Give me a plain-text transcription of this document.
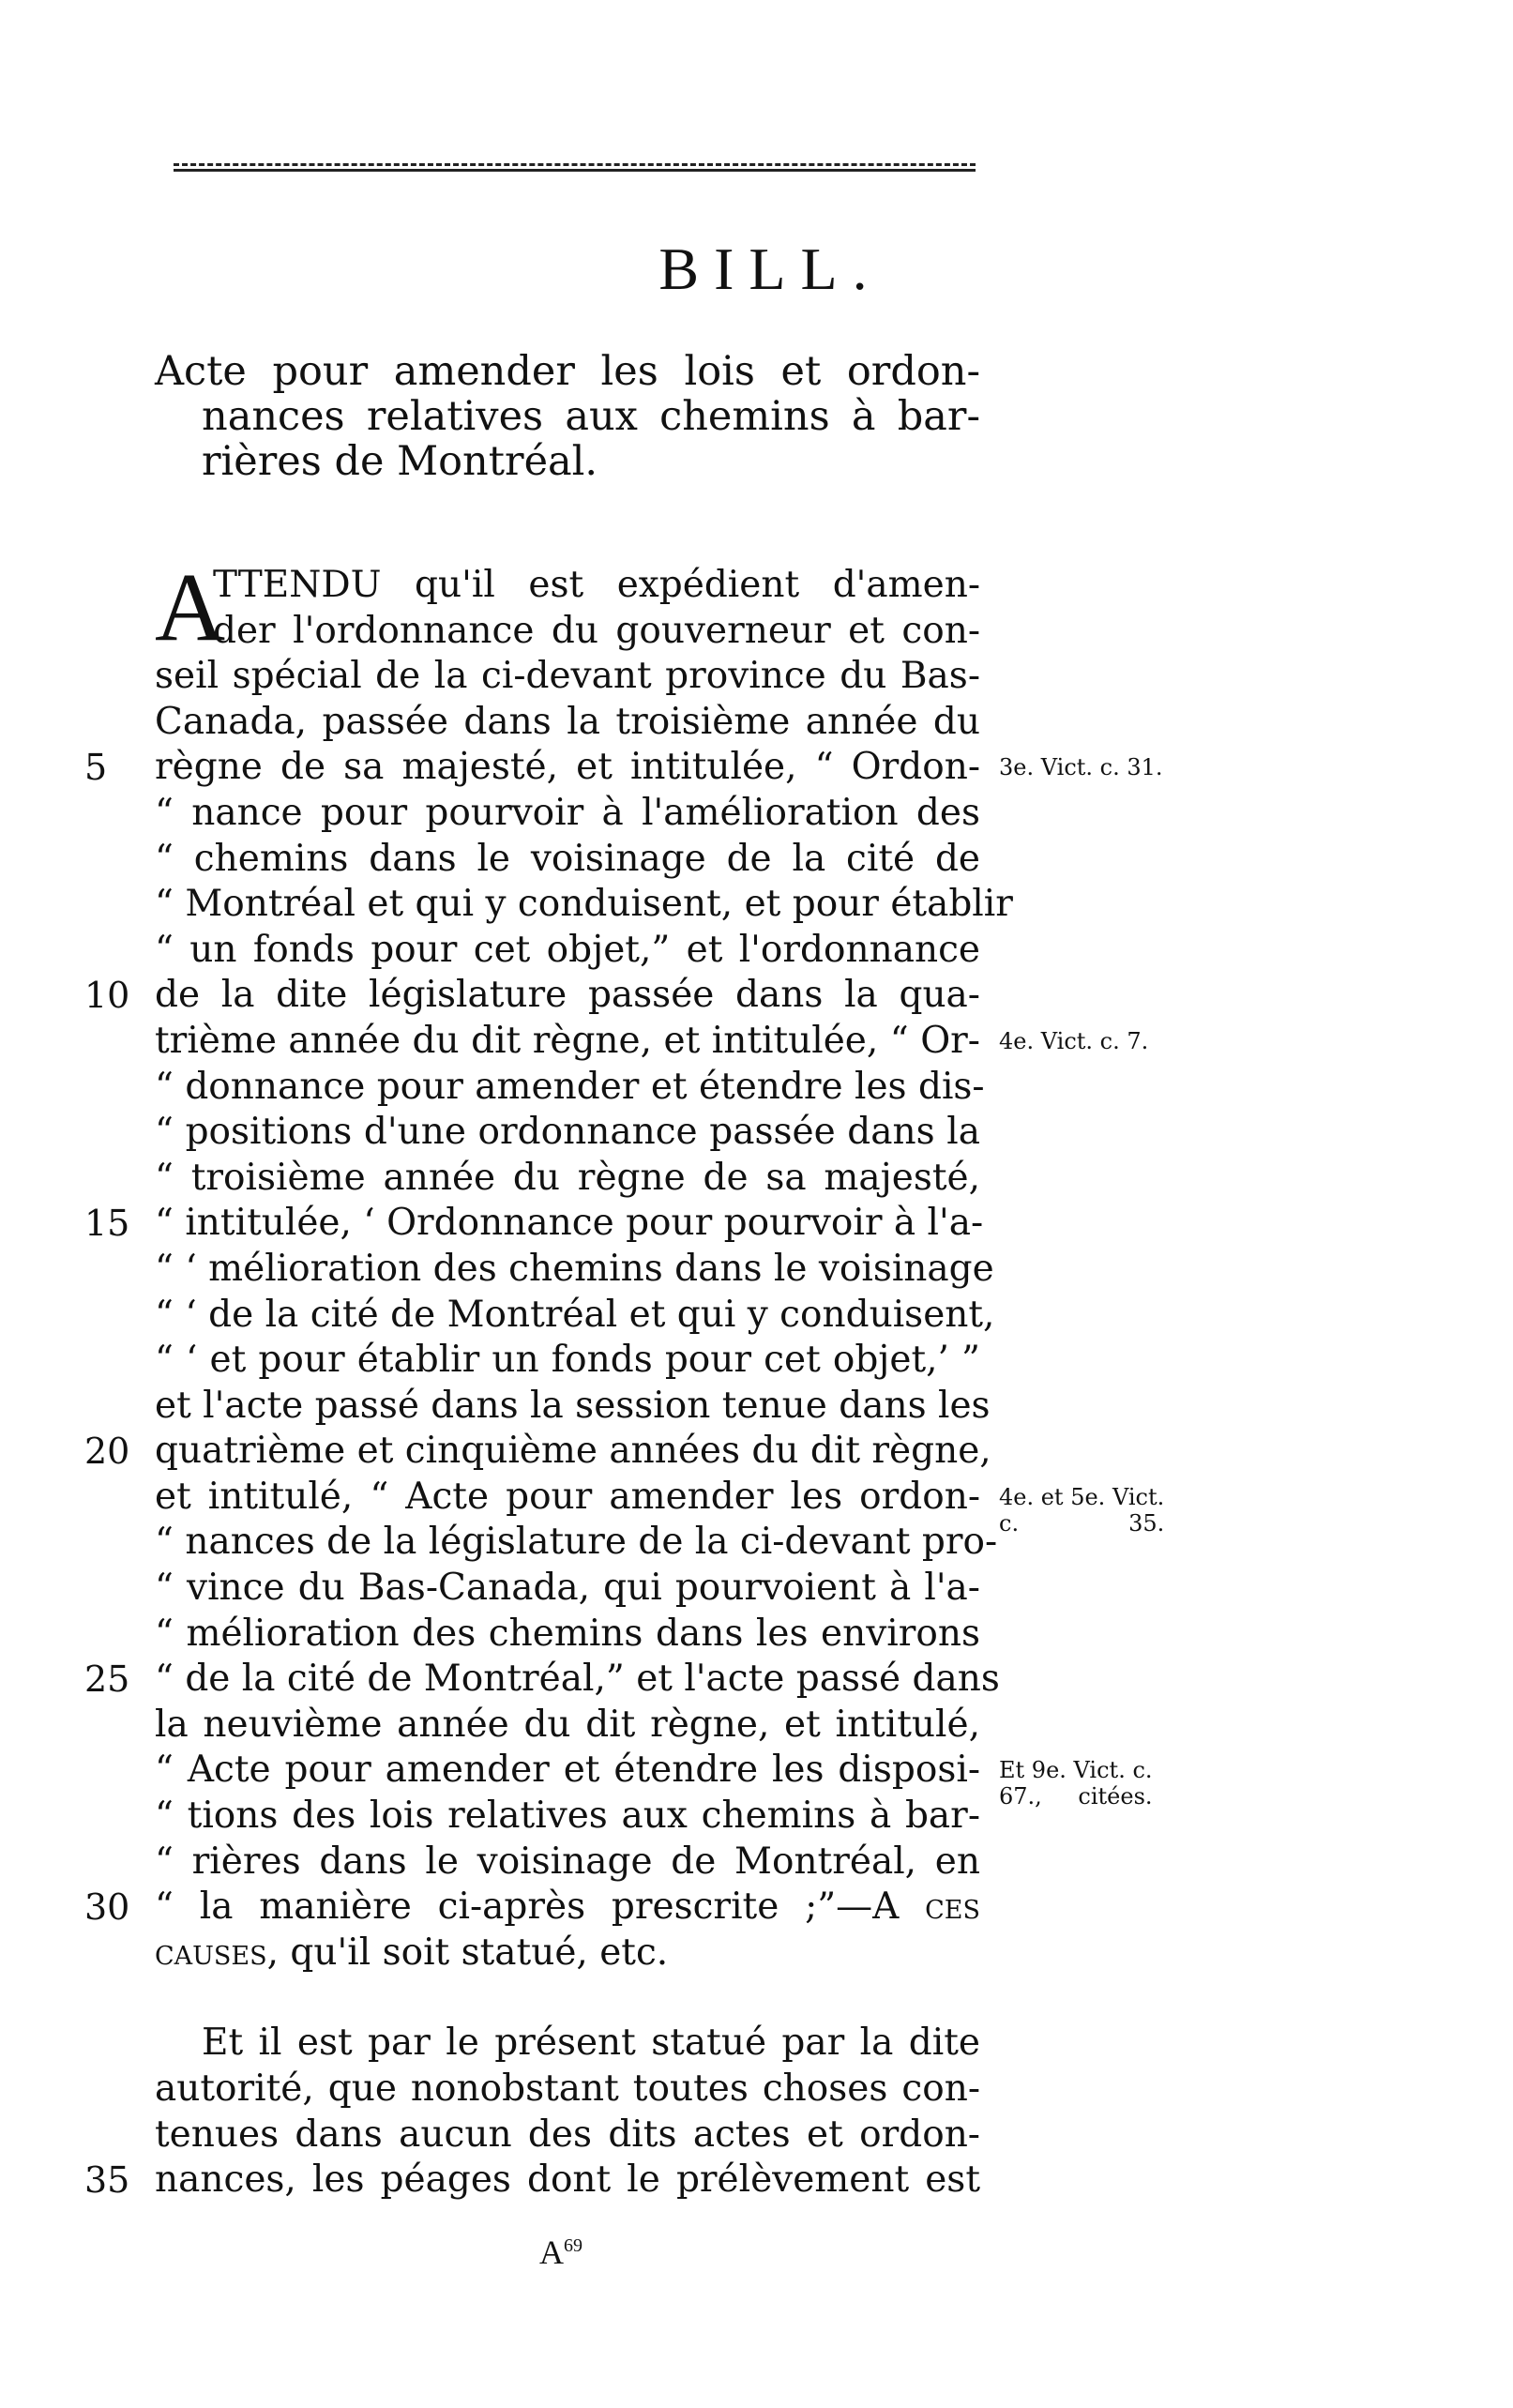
BILL.
Acte pour amender les lois et ordon-
nances relatives aux chemins à bar-
rières de Montréal.
A
TTENDU qu'il est expédient d'amen-
der l'ordonnance du gouverneur et con-
seil spécial de la ci-devant province du Bas-
Canada, passée dans la troisième année du
5	règne de sa majesté, et intitulée, “ Ordon- 3e. Vict. c. 31.
“ nance pour pourvoir à l'amélioration des
“ chemins dans le voisinage de la cité de
“ Montréal et qui y conduisent, et pour établir
“ un fonds pour cet objet,” et l'ordonnance
10 de la dite législature passée dans la qua-
trième année du dit règne, et intitulée, “ Or- 4e. Vict. c. 7.
“ donnance pour amender et étendre les dis-
“ positions d'une ordonnance passée dans la
“ troisième année du règne de sa majesté,
15 “ intitulée, ‘ Ordonnance pour pourvoir à l'a-
“ ‘ mélioration des chemins dans le voisinage
“ ‘ de la cité de Montréal et qui y conduisent,
“ ‘ et pour établir un fonds pour cet objet,’ ”
et l'acte passé dans la session tenue dans les
20 quatrième et cinquième années du dit règne,
et intitulé, “ Acte pour amender les ordon- 4e. et 5e. Vict.
c. 35.
“ nances de la législature de la ci-devant pro-
“ vince du Bas-Canada, qui pourvoient à l'a-
“ mélioration des chemins dans les environs
25 “ de la cité de Montréal,” et l'acte passé dans
la neuvième année du dit règne, et intitulé,
“ Acte pour amender et étendre les disposi- Et 9e. Vict. c.
67., citées.
“ tions des lois relatives aux chemins à bar-
“ rières dans le voisinage de Montréal, en
30 “ la manière ci-après prescrite ;”—A ces
causes, qu'il soit statué, etc.
Et il est par le présent statué par la dite
autorité, que nonobstant toutes choses con-
tenues dans aucun des dits actes et ordon-
35 nances, les péages dont le prélèvement est
$A^{69}$
